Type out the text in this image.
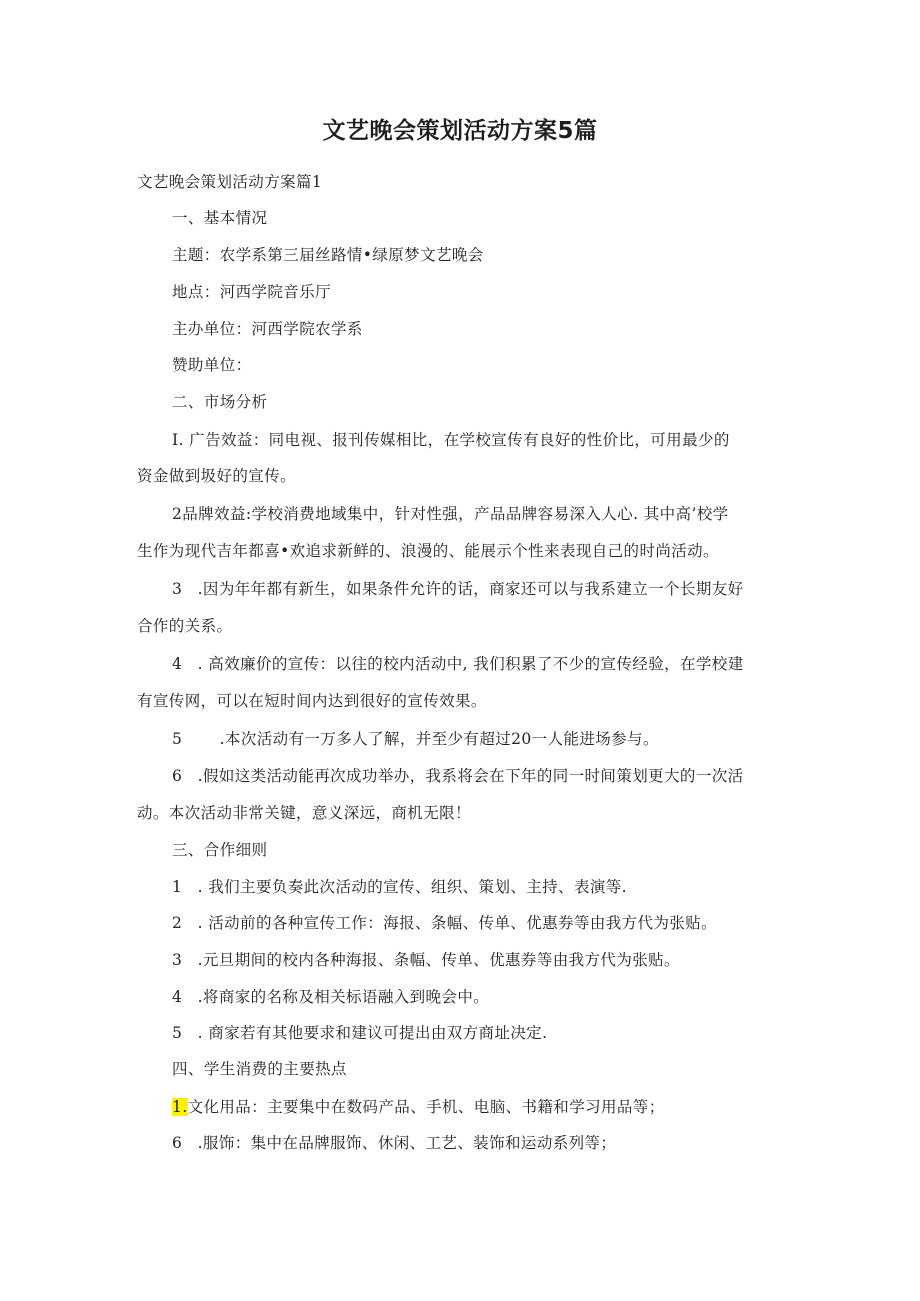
文艺晚会策划活动方案5篇
文艺晚会策划活动方案篇1
一、基本情况
主题：农学系第三届丝路情•绿原梦文艺晚会
地点：河西学院音乐厅
主办单位：河西学院农学系
赞助单位：
二、市场分析
I. 广告效益：同电视、报刊传媒相比，在学校宣传有良好的性价比，可用最少的
资金做到圾好的宣传。
2品牌效益:学校消费地域集中，针对性强，产品品牌容易深入人心. 其中高’校学
生作为现代吉年都喜•欢追求新鲜的、浪漫的、能展示个性来表现自己的时尚活动。
3 .因为年年都有新生，如果条件允许的话，商家还可以与我系建立一个长期友好
合作的关系。
4 . 高效廉价的宣传：以往的校内活动中, 我们积累了不少的宣传经验，在学校建
有宣传网，可以在短时间内达到很好的宣传效果。
5 .本次活动有一万多人了解，并至少有超过20一人能进场参与。
6 .假如这类活动能再次成功举办，我系将会在下年的同一时间策划更大的一次活
动。本次活动非常关键，意义深远，商机无限！
三、合作细则
1 . 我们主要负奏此次活动的宣传、组织、策划、主持、表演等.
2 . 活动前的各种宣传工作：海报、条幅、传单、优惠券等由我方代为张贴。
3 .元旦期间的校内各种海报、条幅、传单、优惠券等由我方代为张贴。
4 .将商家的名称及相关标语融入到晚会中。
5 . 商家若有其他要求和建议可提出由双方商址决定.
四、学生消费的主要热点
1.文化用品：主要集中在数码产品、手机、电脑、书籍和学习用品等；
6 .服饰：集中在品牌服饰、休闲、工艺、装饰和运动系列等；
